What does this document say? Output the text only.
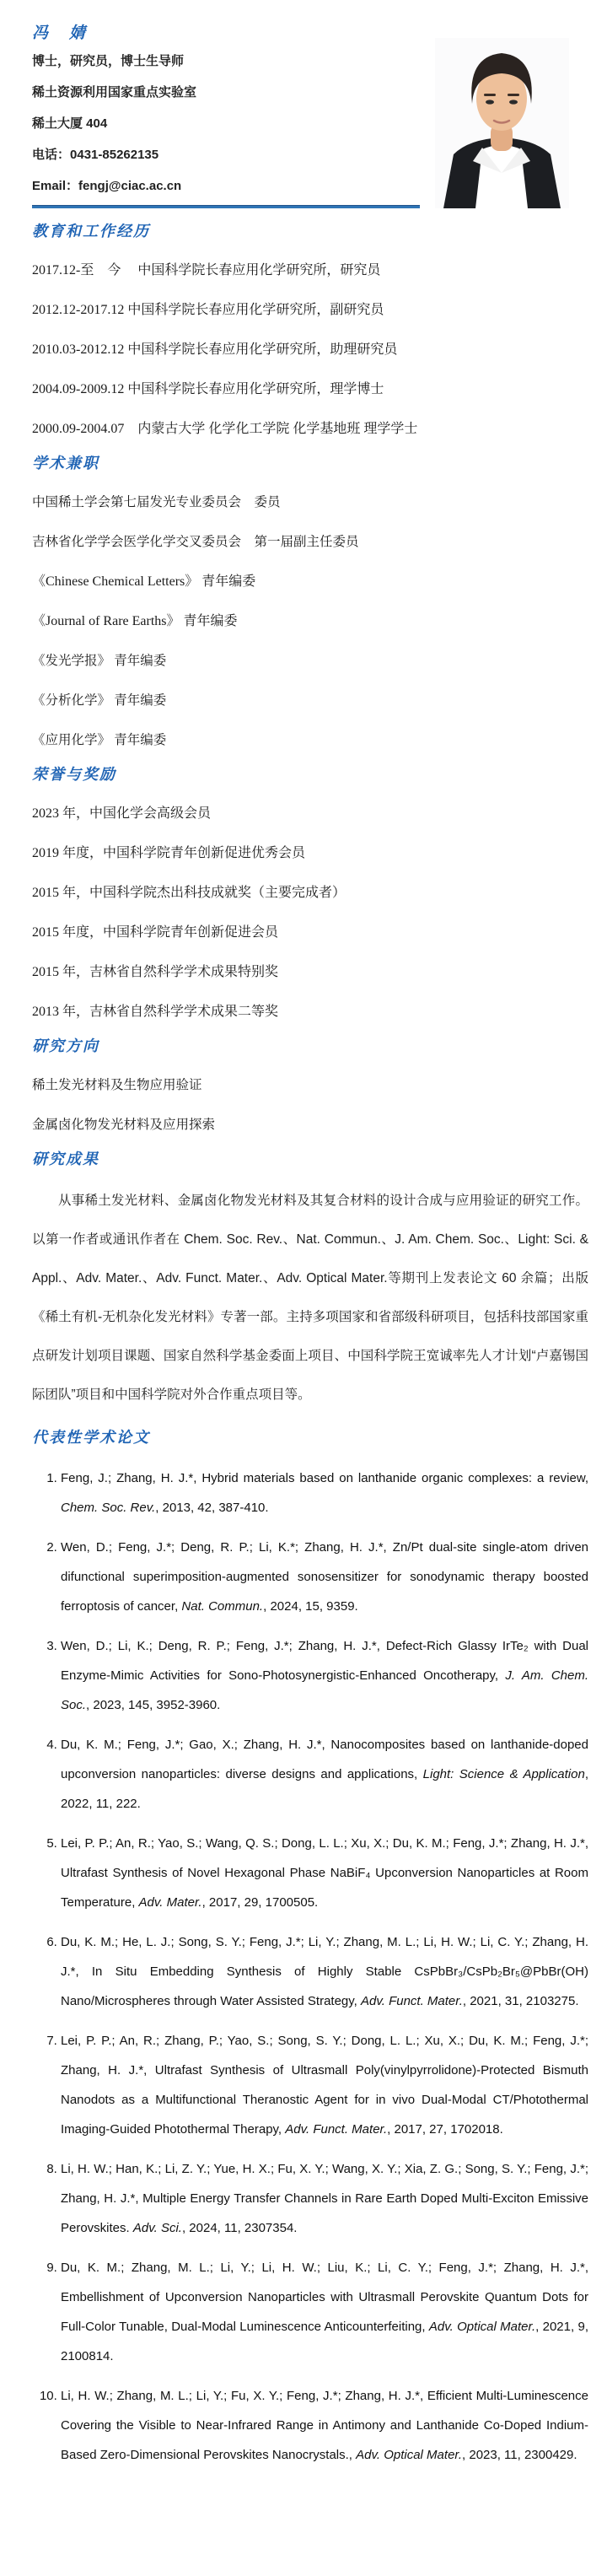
冯　婧

博士，研究员，博士生导师

稀土资源利用国家重点实验室

稀土大厦 404

电话：0431-85262135

Email：fengj@ciac.ac.cn

教育和工作经历

2017.12-至　今　 中国科学院长春应用化学研究所，研究员

2012.12-2017.12 中国科学院长春应用化学研究所，副研究员

2010.03-2012.12 中国科学院长春应用化学研究所，助理研究员

2004.09-2009.12 中国科学院长春应用化学研究所，理学博士

2000.09-2004.07　内蒙古大学 化学化工学院 化学基地班 理学学士

学术兼职

中国稀土学会第七届发光专业委员会　委员

吉林省化学学会医学化学交叉委员会　第一届副主任委员

《Chinese Chemical Letters》 青年编委

《Journal of Rare Earths》 青年编委

《发光学报》 青年编委

《分析化学》 青年编委

《应用化学》 青年编委

荣誉与奖励

2023 年，中国化学会高级会员

2019 年度，中国科学院青年创新促进优秀会员

2015 年，中国科学院杰出科技成就奖（主要完成者）

2015 年度，中国科学院青年创新促进会员

2015 年，吉林省自然科学学术成果特别奖

2013 年，吉林省自然科学学术成果二等奖

研究方向

稀土发光材料及生物应用验证

金属卤化物发光材料及应用探索

研究成果

从事稀土发光材料、金属卤化物发光材料及其复合材料的设计合成与应用验证的研究工作。以第一作者或通讯作者在 Chem. Soc. Rev.、Nat. Commun.、J. Am. Chem. Soc.、Light: Sci. & Appl.、Adv. Mater.、Adv. Funct. Mater.、Adv. Optical Mater.等期刊上发表论文 60 余篇；出版《稀土有机-无机杂化发光材料》专著一部。主持多项国家和省部级科研项目，包括科技部国家重点研发计划项目课题、国家自然科学基金委面上项目、中国科学院王宽诚率先人才计划“卢嘉锡国际团队”项目和中国科学院对外合作重点项目等。

代表性学术论文
1. Feng, J.; Zhang, H. J.*, Hybrid materials based on lanthanide organic complexes: a review, Chem. Soc. Rev., 2013, 42, 387-410.
2. Wen, D.; Feng, J.*; Deng, R. P.; Li, K.*; Zhang, H. J.*, Zn/Pt dual-site single-atom driven difunctional superimposition-augmented sonosensitizer for sonodynamic therapy boosted ferroptosis of cancer, Nat. Commun., 2024, 15, 9359.
3. Wen, D.; Li, K.; Deng, R. P.; Feng, J.*; Zhang, H. J.*, Defect-Rich Glassy IrTe₂ with Dual Enzyme-Mimic Activities for Sono-Photosynergistic-Enhanced Oncotherapy, J. Am. Chem. Soc., 2023, 145, 3952-3960.
4. Du, K. M.; Feng, J.*; Gao, X.; Zhang, H. J.*, Nanocomposites based on lanthanide-doped upconversion nanoparticles: diverse designs and applications, Light: Science & Application, 2022, 11, 222.
5. Lei, P. P.; An, R.; Yao, S.; Wang, Q. S.; Dong, L. L.; Xu, X.; Du, K. M.; Feng, J.*; Zhang, H. J.*, Ultrafast Synthesis of Novel Hexagonal Phase NaBiF₄ Upconversion Nanoparticles at Room Temperature, Adv. Mater., 2017, 29, 1700505.
6. Du, K. M.; He, L. J.; Song, S. Y.; Feng, J.*; Li, Y.; Zhang, M. L.; Li, H. W.; Li, C. Y.; Zhang, H. J.*, In Situ Embedding Synthesis of Highly Stable CsPbBr₃/CsPb₂Br₅@PbBr(OH) Nano/Microspheres through Water Assisted Strategy, Adv. Funct. Mater., 2021, 31, 2103275.
7. Lei, P. P.; An, R.; Zhang, P.; Yao, S.; Song, S. Y.; Dong, L. L.; Xu, X.; Du, K. M.; Feng, J.*; Zhang, H. J.*, Ultrafast Synthesis of Ultrasmall Poly(vinylpyrrolidone)-Protected Bismuth Nanodots as a Multifunctional Theranostic Agent for in vivo Dual-Modal CT/Photothermal Imaging-Guided Photothermal Therapy, Adv. Funct. Mater., 2017, 27, 1702018.
8. Li, H. W.; Han, K.; Li, Z. Y.; Yue, H. X.; Fu, X. Y.; Wang, X. Y.; Xia, Z. G.; Song, S. Y.; Feng, J.*; Zhang, H. J.*, Multiple Energy Transfer Channels in Rare Earth Doped Multi-Exciton Emissive Perovskites. Adv. Sci., 2024, 11, 2307354.
9. Du, K. M.; Zhang, M. L.; Li, Y.; Li, H. W.; Liu, K.; Li, C. Y.; Feng, J.*; Zhang, H. J.*, Embellishment of Upconversion Nanoparticles with Ultrasmall Perovskite Quantum Dots for Full-Color Tunable, Dual-Modal Luminescence Anticounterfeiting, Adv. Optical Mater., 2021, 9, 2100814.
10. Li, H. W.; Zhang, M. L.; Li, Y.; Fu, X. Y.; Feng, J.*; Zhang, H. J.*, Efficient Multi-Luminescence Covering the Visible to Near-Infrared Range in Antimony and Lanthanide Co-Doped Indium-Based Zero-Dimensional Perovskites Nanocrystals., Adv. Optical Mater., 2023, 11, 2300429.
